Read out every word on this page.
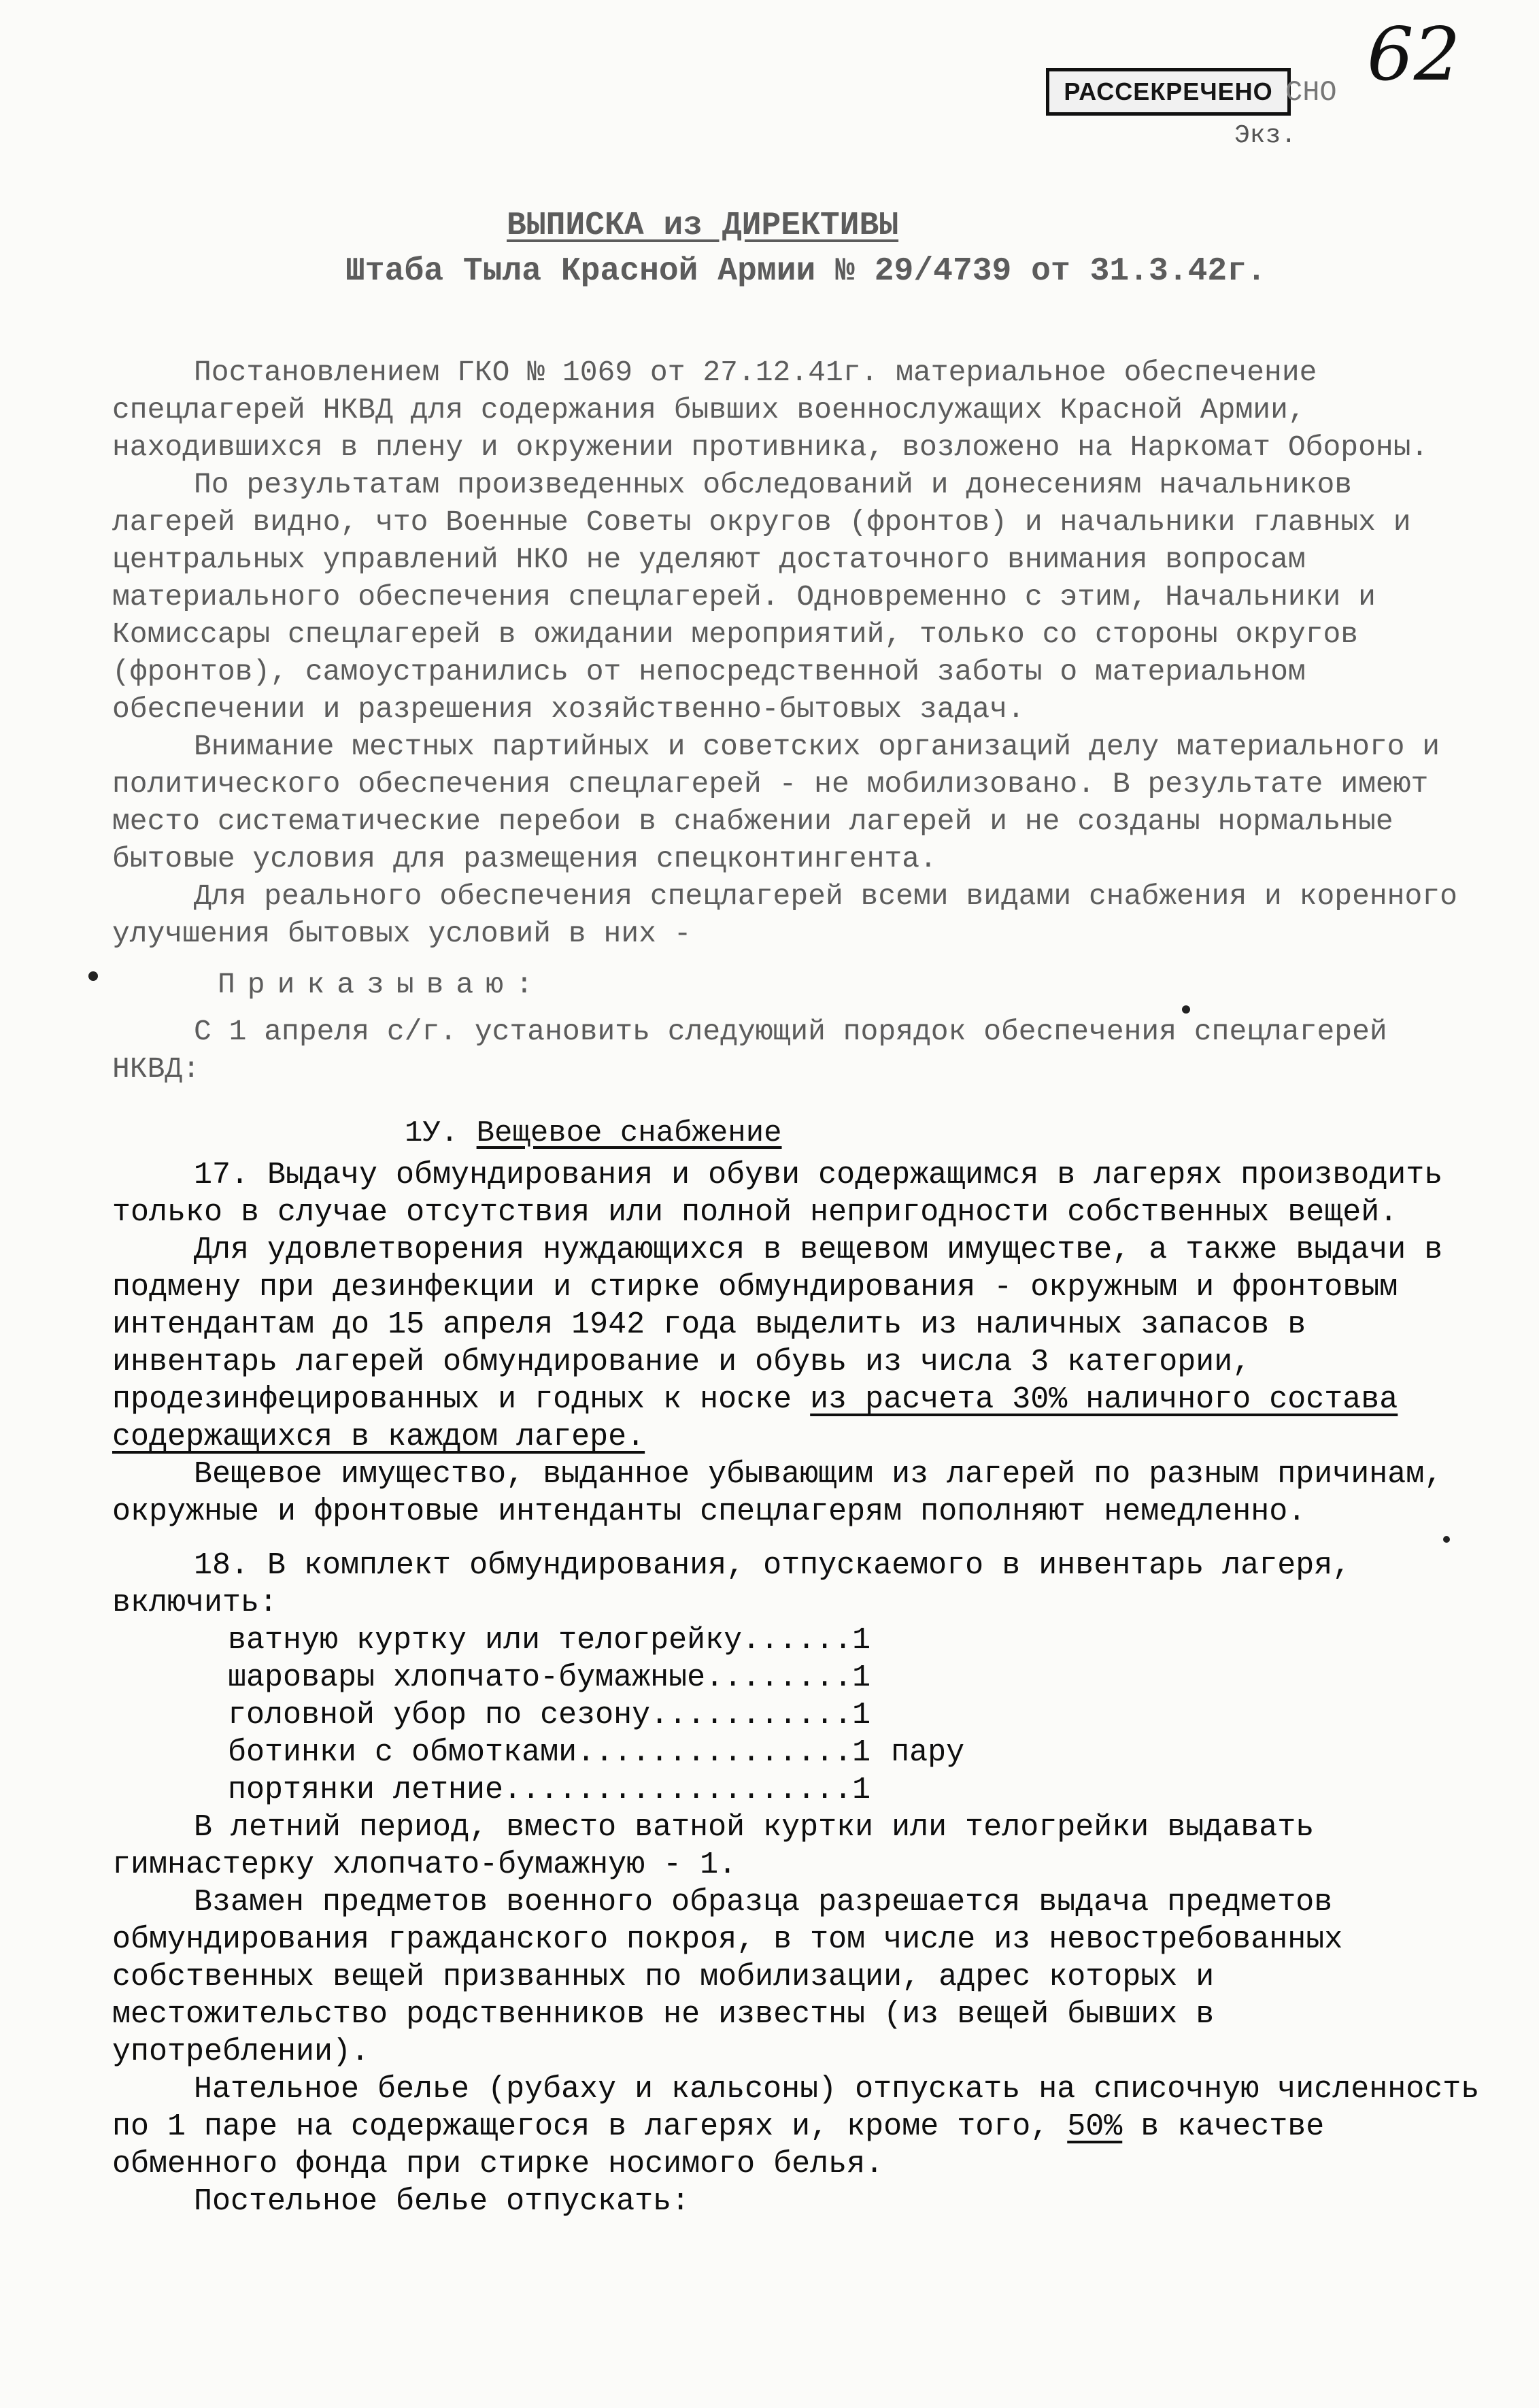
62
РАССЕКРЕЧЕНО СНО
Экз.
ВЫПИСКА из ДИРЕКТИВЫ
Штаба Тыла Красной Армии № 29/4739 от 31.3.42г.

Постановлением ГКО № 1069 от 27.12.41г. материальное обеспечение спецлагерей НКВД для содержания бывших военнослужащих Красной Армии, находившихся в плену и окружении противника, возложено на Наркомат Обороны.

По результатам произведенных обследований и донесениям начальников лагерей видно, что Военные Советы округов (фронтов) и начальники главных и центральных управлений НКО не уделяют достаточного внимания вопросам материального обеспечения спецлагерей. Одновременно с этим, Начальники и Комиссары спецлагерей в ожидании мероприятий, только со стороны округов (фронтов), самоустранились от непосредственной заботы о материальном обеспечении и разрешения хозяйственно-бытовых задач.

Внимание местных партийных и советских организаций делу материального и политического обеспечения спецлагерей - не мобилизовано. В результате имеют место систематические перебои в снабжении лагерей и не созданы нормальные бытовые условия для размещения спецконтингента.

Для реального обеспечения спецлагерей всеми видами снабжения и коренного улучшения бытовых условий в них -

Приказываю:

С 1 апреля с/г. установить следующий порядок обеспечения спецлагерей НКВД:

1У. Вещевое снабжение

17. Выдачу обмундирования и обуви содержащимся в лагерях производить только в случае отсутствия или полной непригодности собственных вещей.

Для удовлетворения нуждающихся в вещевом имуществе, а также выдачи в подмену при дезинфекции и стирке обмундирования - окружным и фронтовым интендантам до 15 апреля 1942 года выделить из наличных запасов в инвентарь лагерей обмундирование и обувь из числа 3 категории, продезинфецированных и годных к носке из расчета 30% наличного состава содержащихся в каждом лагере.

Вещевое имущество, выданное убывающим из лагерей по разным причинам, окружные и фронтовые интенданты спецлагерям пополняют немедленно.

18. В комплект обмундирования, отпускаемого в инвентарь лагеря, включить:

ватную куртку или телогрейку......1
шаровары хлопчато-бумажные........1
головной убор по сезону...........1
ботинки с обмотками...............1 пару
портянки летние...................1

В летний период, вместо ватной куртки или телогрейки выдавать гимнастерку хлопчато-бумажную - 1.

Взамен предметов военного образца разрешается выдача предметов обмундирования гражданского покроя, в том числе из невостребованных собственных вещей призванных по мобилизации, адрес которых и местожительство родственников не известны (из вещей бывших в употреблении).

Нательное белье (рубаху и кальсоны) отпускать на списочную численность по 1 паре на содержащегося в лагерях и, кроме того, 50% в качестве обменного фонда при стирке носимого белья.

Постельное белье отпускать:
